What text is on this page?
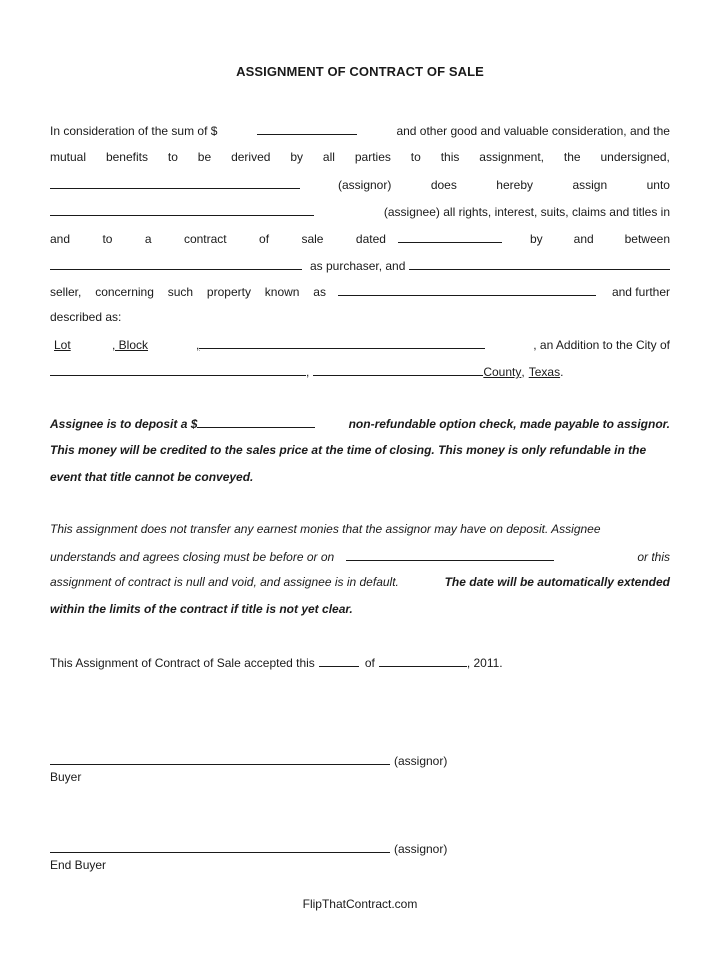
ASSIGNMENT OF CONTRACT OF SALE
In consideration of the sum of $	and other good and valuable consideration, and the
mutual benefits to be derived by all parties to this assignment, the undersigned,
(assignor)	does	hereby	assign	unto
(assignee) all rights, interest, suits, claims and titles in
and	to	a	contract	of	sale	dated	by	and	between
as purchaser, and
seller, concerning such property known as	and further
described as:
Lot	, Block	,	, an Addition to the City of
,	County , Texas .
Assignee is to deposit a $	non-refundable option check, made payable to assignor.
This money will be credited to the sales price at the time of closing. This money is only refundable in the
event that title cannot be conveyed.
This assignment does not transfer any earnest monies that the assignor may have on deposit. Assignee
understands and agrees closing must be before or on	or this
assignment of contract is null and void, and assignee is in default.	The date will be automatically extended
within the limits of the contract if title is not yet clear.
This Assignment of Contract of Sale accepted this	of	, 2011.
(assignor)
Buyer
(assignor)
End Buyer
FlipThatContract.com
